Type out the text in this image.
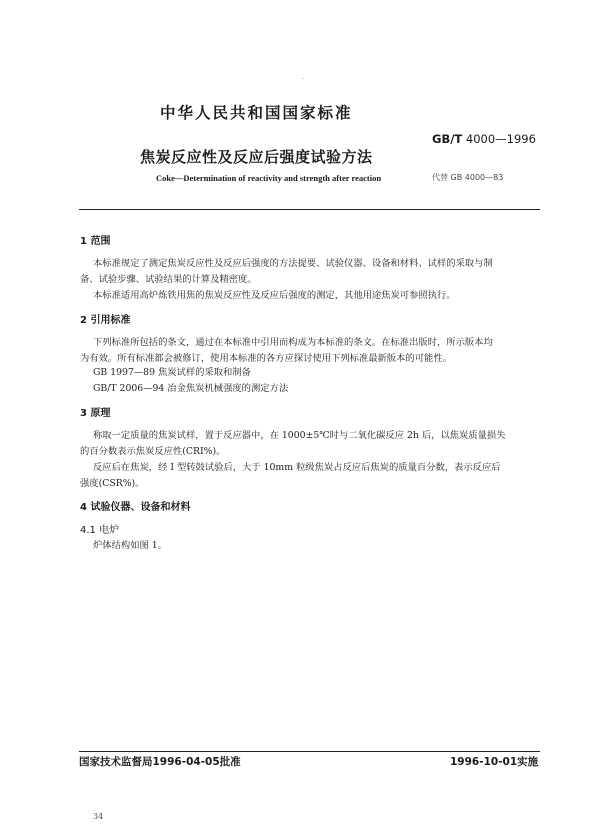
·
中华人民共和国国家标准
GB/T 4000—1996
焦炭反应性及反应后强度试验方法
Coke—Determination of reactivity and strength after reaction	代替 GB 4000—83
1 范围
本标准规定了测定焦炭反应性及反应后强度的方法提要、试验仪器、设备和材料、试样的采取与制
备、试验步骤、试验结果的计算及精密度。
本标准适用高炉炼铁用焦的焦炭反应性及反应后强度的测定，其他用途焦炭可参照执行。
2 引用标准
下列标准所包括的条文，通过在本标准中引用而构成为本标准的条文。在标准出版时，所示版本均
为有效。所有标准都会被修订，使用本标准的各方应探讨使用下列标准最新版本的可能性。
GB 1997—89 焦炭试样的采取和制备
GB/T 2006—94 冶金焦炭机械强度的测定方法
3 原理
称取一定质量的焦炭试样，置于反应器中，在 1000±5℃时与二氧化碳反应 2h 后，以焦炭质量损失
的百分数表示焦炭反应性(CRI%)。
反应后在焦炭，经 I 型转鼓试验后，大于 10mm 粒级焦炭占反应后焦炭的质量百分数，表示反应后
强度(CSR%)。
4 试验仪器、设备和材料
4.1 电炉
炉体结构如图 1。
国家技术监督局1996-04-05批准	1996-10-01实施
34
